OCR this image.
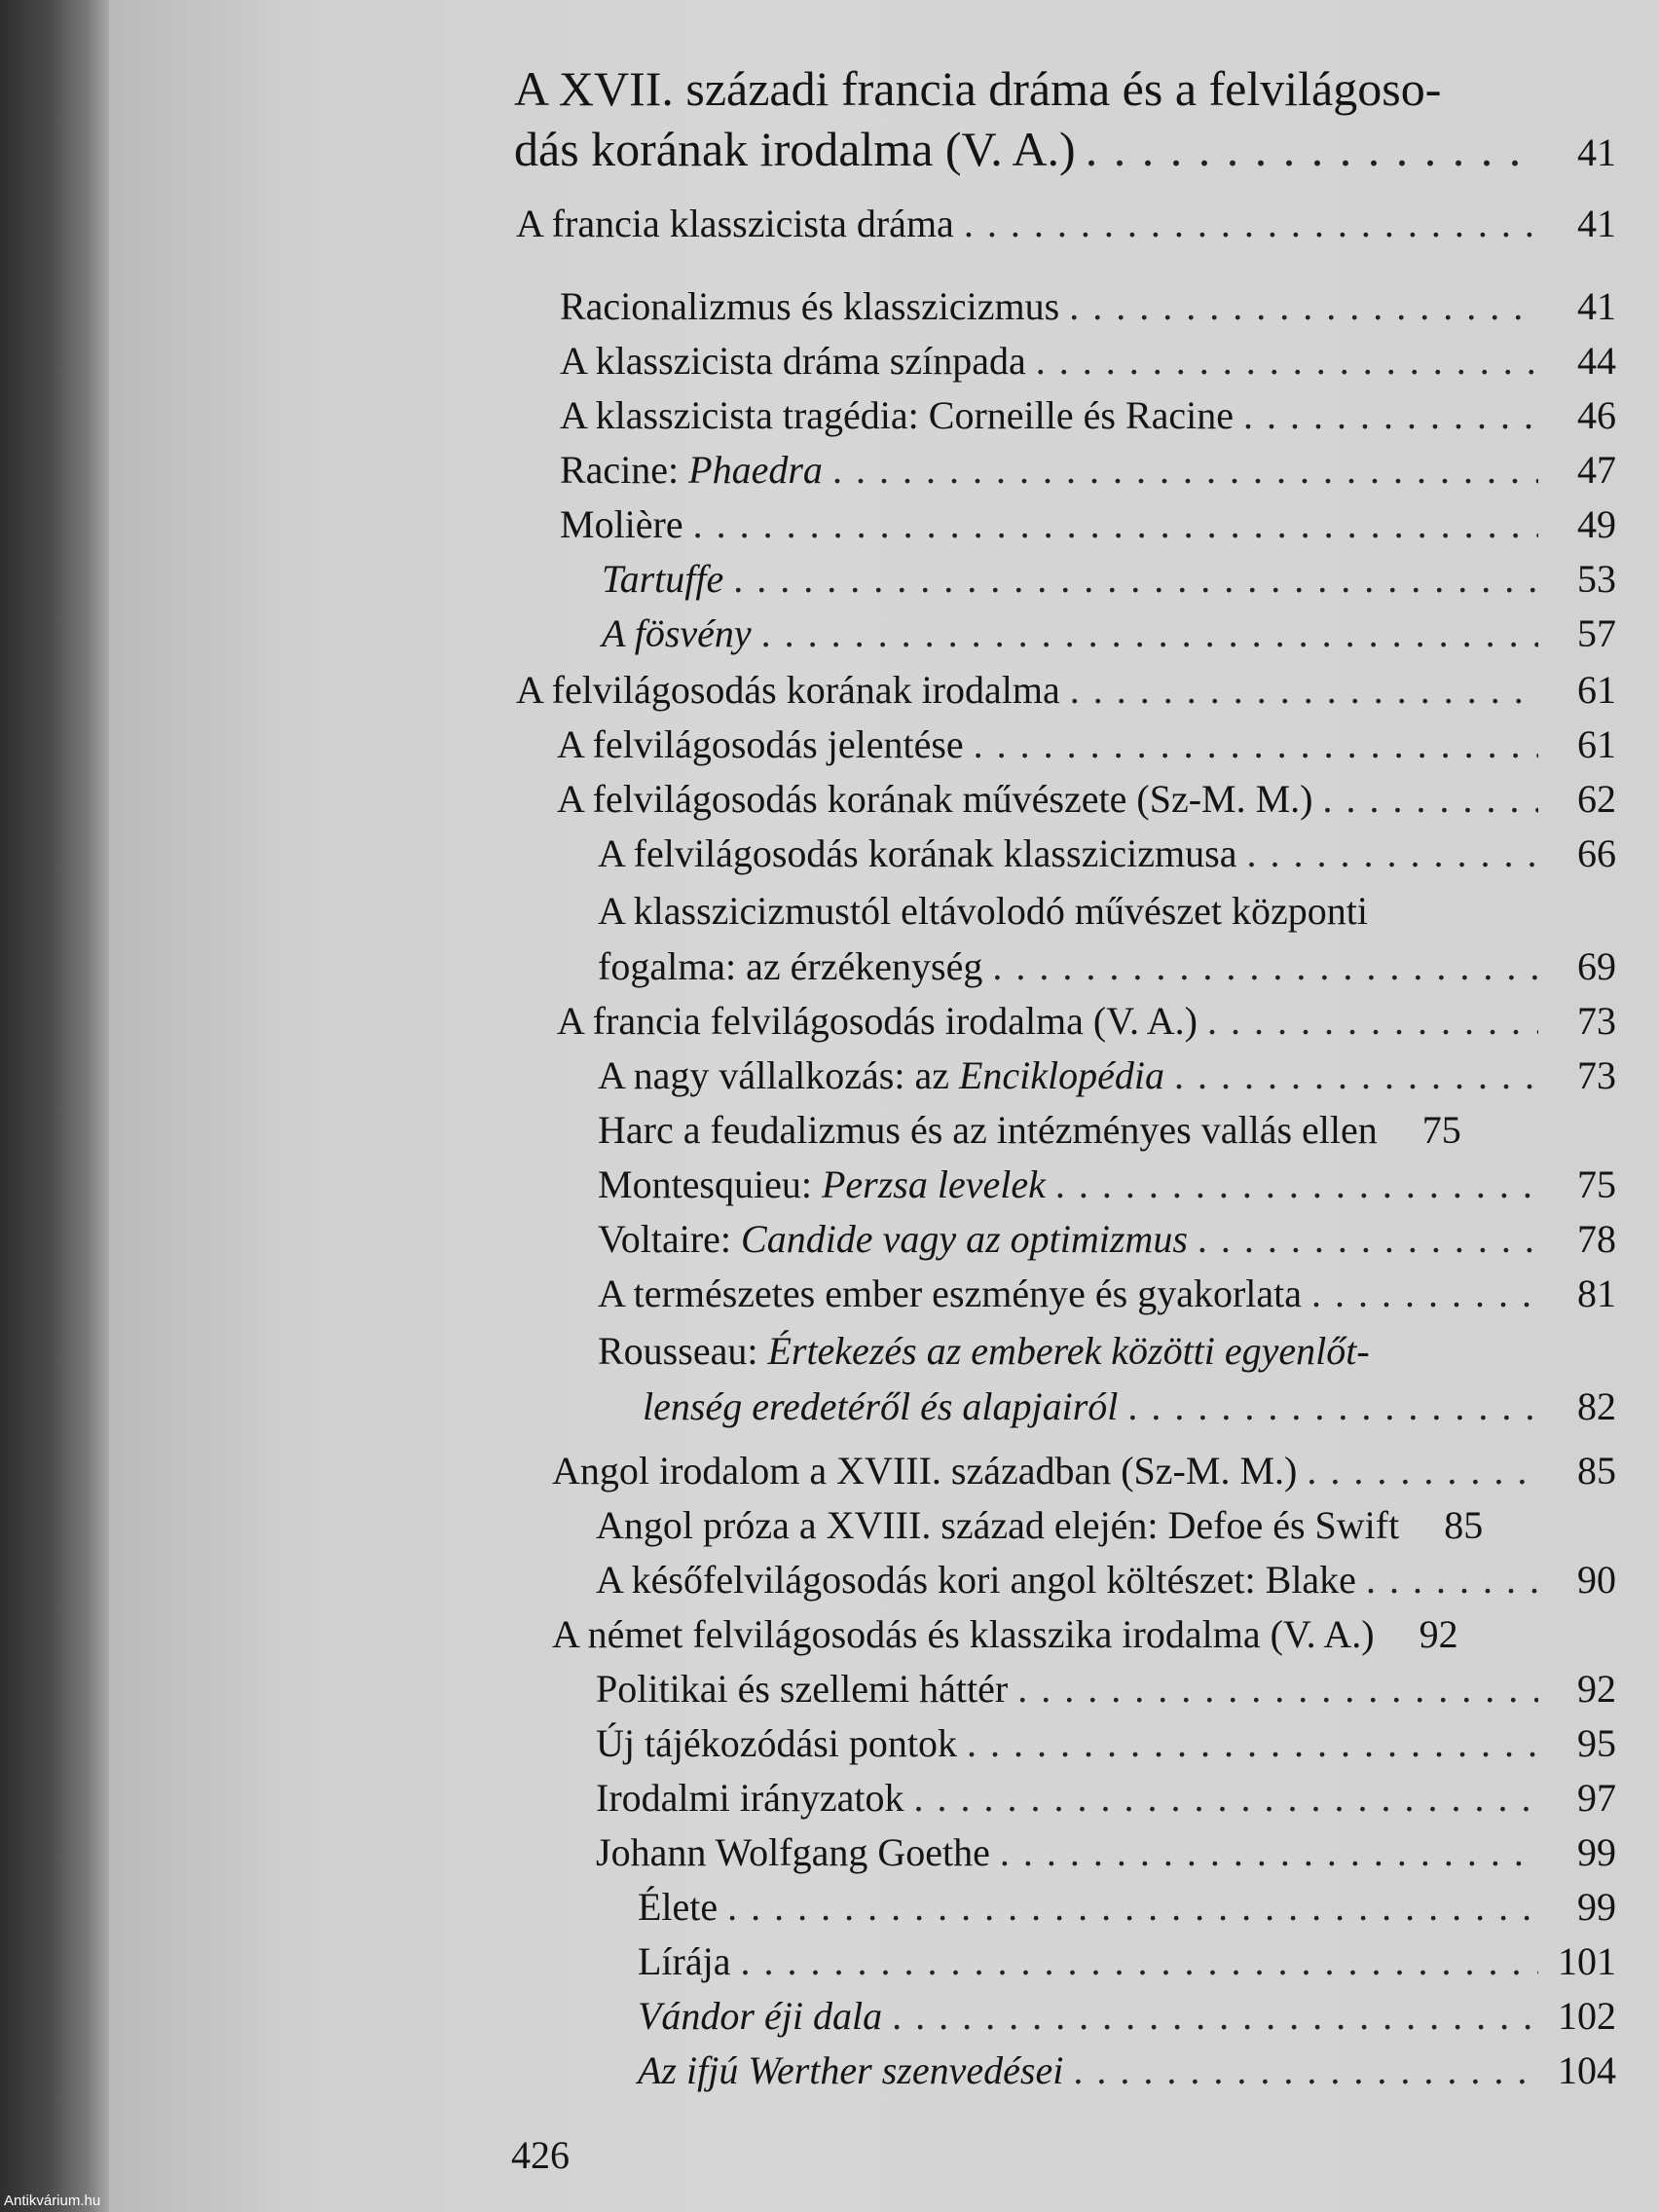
A XVII. századi francia dráma és a felvilágoso-
dás korának irodalma (V. A.) . . .	41
A francia klasszicista dráma . . .	41
Racionalizmus és klasszicizmus . . .	41
A klasszicista dráma színpada . . .	44
A klasszicista tragédia: Corneille és Racine . . .	46
Racine: Phaedra . . .	47
Molière . . .	49
Tartuffe . . .	53
A fösvény . . .	57
A felvilágosodás korának irodalma . . .	61
A felvilágosodás jelentése . . .	61
A felvilágosodás korának művészete (Sz-M. M.) . . .	62
A felvilágosodás korának klasszicizmusa . . .	66
A klasszicizmustól eltávolodó művészet központi
fogalma: az érzékenység . . .	69
A francia felvilágosodás irodalma (V. A.) . . .	73
A nagy vállalkozás: az Enciklopédia . . .	73
Harc a feudalizmus és az intézményes vallás ellen	75
Montesquieu: Perzsa levelek . . .	75
Voltaire: Candide vagy az optimizmus . . .	78
A természetes ember eszménye és gyakorlata . . .	81
Rousseau: Értekezés az emberek közötti egyenlőt-
lenség eredetéről és alapjairól . . .	82
Angol irodalom a XVIII. században (Sz-M. M.) . . .	85
Angol próza a XVIII. század elején: Defoe és Swift	85
A későfelvilágosodás kori angol költészet: Blake . . .	90
A német felvilágosodás és klasszika irodalma (V. A.)	92
Politikai és szellemi háttér . . .	92
Új tájékozódási pontok . . .	95
Irodalmi irányzatok . . .	97
Johann Wolfgang Goethe . . .	99
Élete . . .	99
Lírája . . .	101
Vándor éji dala . . .	102
Az ifjú Werther szenvedései . . .	104
426
Antikvárium.hu
